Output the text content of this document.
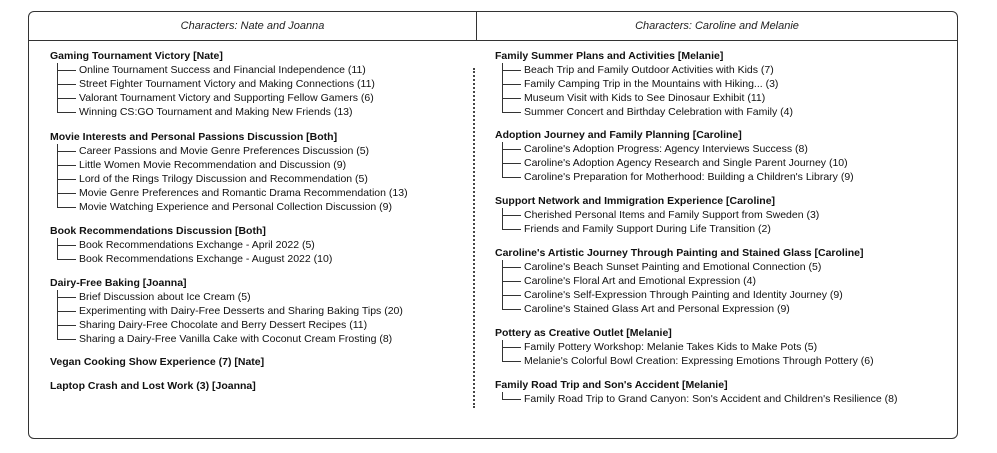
Characters: Nate and Joanna	Characters: Caroline and Melanie
Gaming Tournament Victory [Nate]
Online Tournament Success and Financial Independence (11)
Street Fighter Tournament Victory and Making Connections (11)
Valorant Tournament Victory and Supporting Fellow Gamers (6)
Winning CS:GO Tournament and Making New Friends (13)
Movie Interests and Personal Passions Discussion [Both]
Career Passions and Movie Genre Preferences Discussion (5)
Little Women Movie Recommendation and Discussion (9)
Lord of the Rings Trilogy Discussion and Recommendation (5)
Movie Genre Preferences and Romantic Drama Recommendation (13)
Movie Watching Experience and Personal Collection Discussion (9)
Book Recommendations Discussion [Both]
Book Recommendations Exchange - April 2022 (5)
Book Recommendations Exchange - August 2022 (10)
Dairy-Free Baking [Joanna]
Brief Discussion about Ice Cream (5)
Experimenting with Dairy-Free Desserts and Sharing Baking Tips (20)
Sharing Dairy-Free Chocolate and Berry Dessert Recipes (11)
Sharing a Dairy-Free Vanilla Cake with Coconut Cream Frosting (8)
Vegan Cooking Show Experience (7) [Nate]
Laptop Crash and Lost Work (3) [Joanna]
Family Summer Plans and Activities [Melanie]
Beach Trip and Family Outdoor Activities with Kids (7)
Family Camping Trip in the Mountains with Hiking... (3)
Museum Visit with Kids to See Dinosaur Exhibit (11)
Summer Concert and Birthday Celebration with Family (4)
Adoption Journey and Family Planning [Caroline]
Caroline's Adoption Progress: Agency Interviews Success (8)
Caroline's Adoption Agency Research and Single Parent Journey (10)
Caroline's Preparation for Motherhood: Building a Children's Library (9)
Support Network and Immigration Experience [Caroline]
Cherished Personal Items and Family Support from Sweden (3)
Friends and Family Support During Life Transition (2)
Caroline's Artistic Journey Through Painting and Stained Glass [Caroline]
Caroline's Beach Sunset Painting and Emotional Connection (5)
Caroline's Floral Art and Emotional Expression (4)
Caroline's Self-Expression Through Painting and Identity Journey (9)
Caroline's Stained Glass Art and Personal Expression (9)
Pottery as Creative Outlet [Melanie]
Family Pottery Workshop: Melanie Takes Kids to Make Pots (5)
Melanie's Colorful Bowl Creation: Expressing Emotions Through Pottery (6)
Family Road Trip and Son's Accident [Melanie]
Family Road Trip to Grand Canyon: Son's Accident and Children's Resilience (8)
